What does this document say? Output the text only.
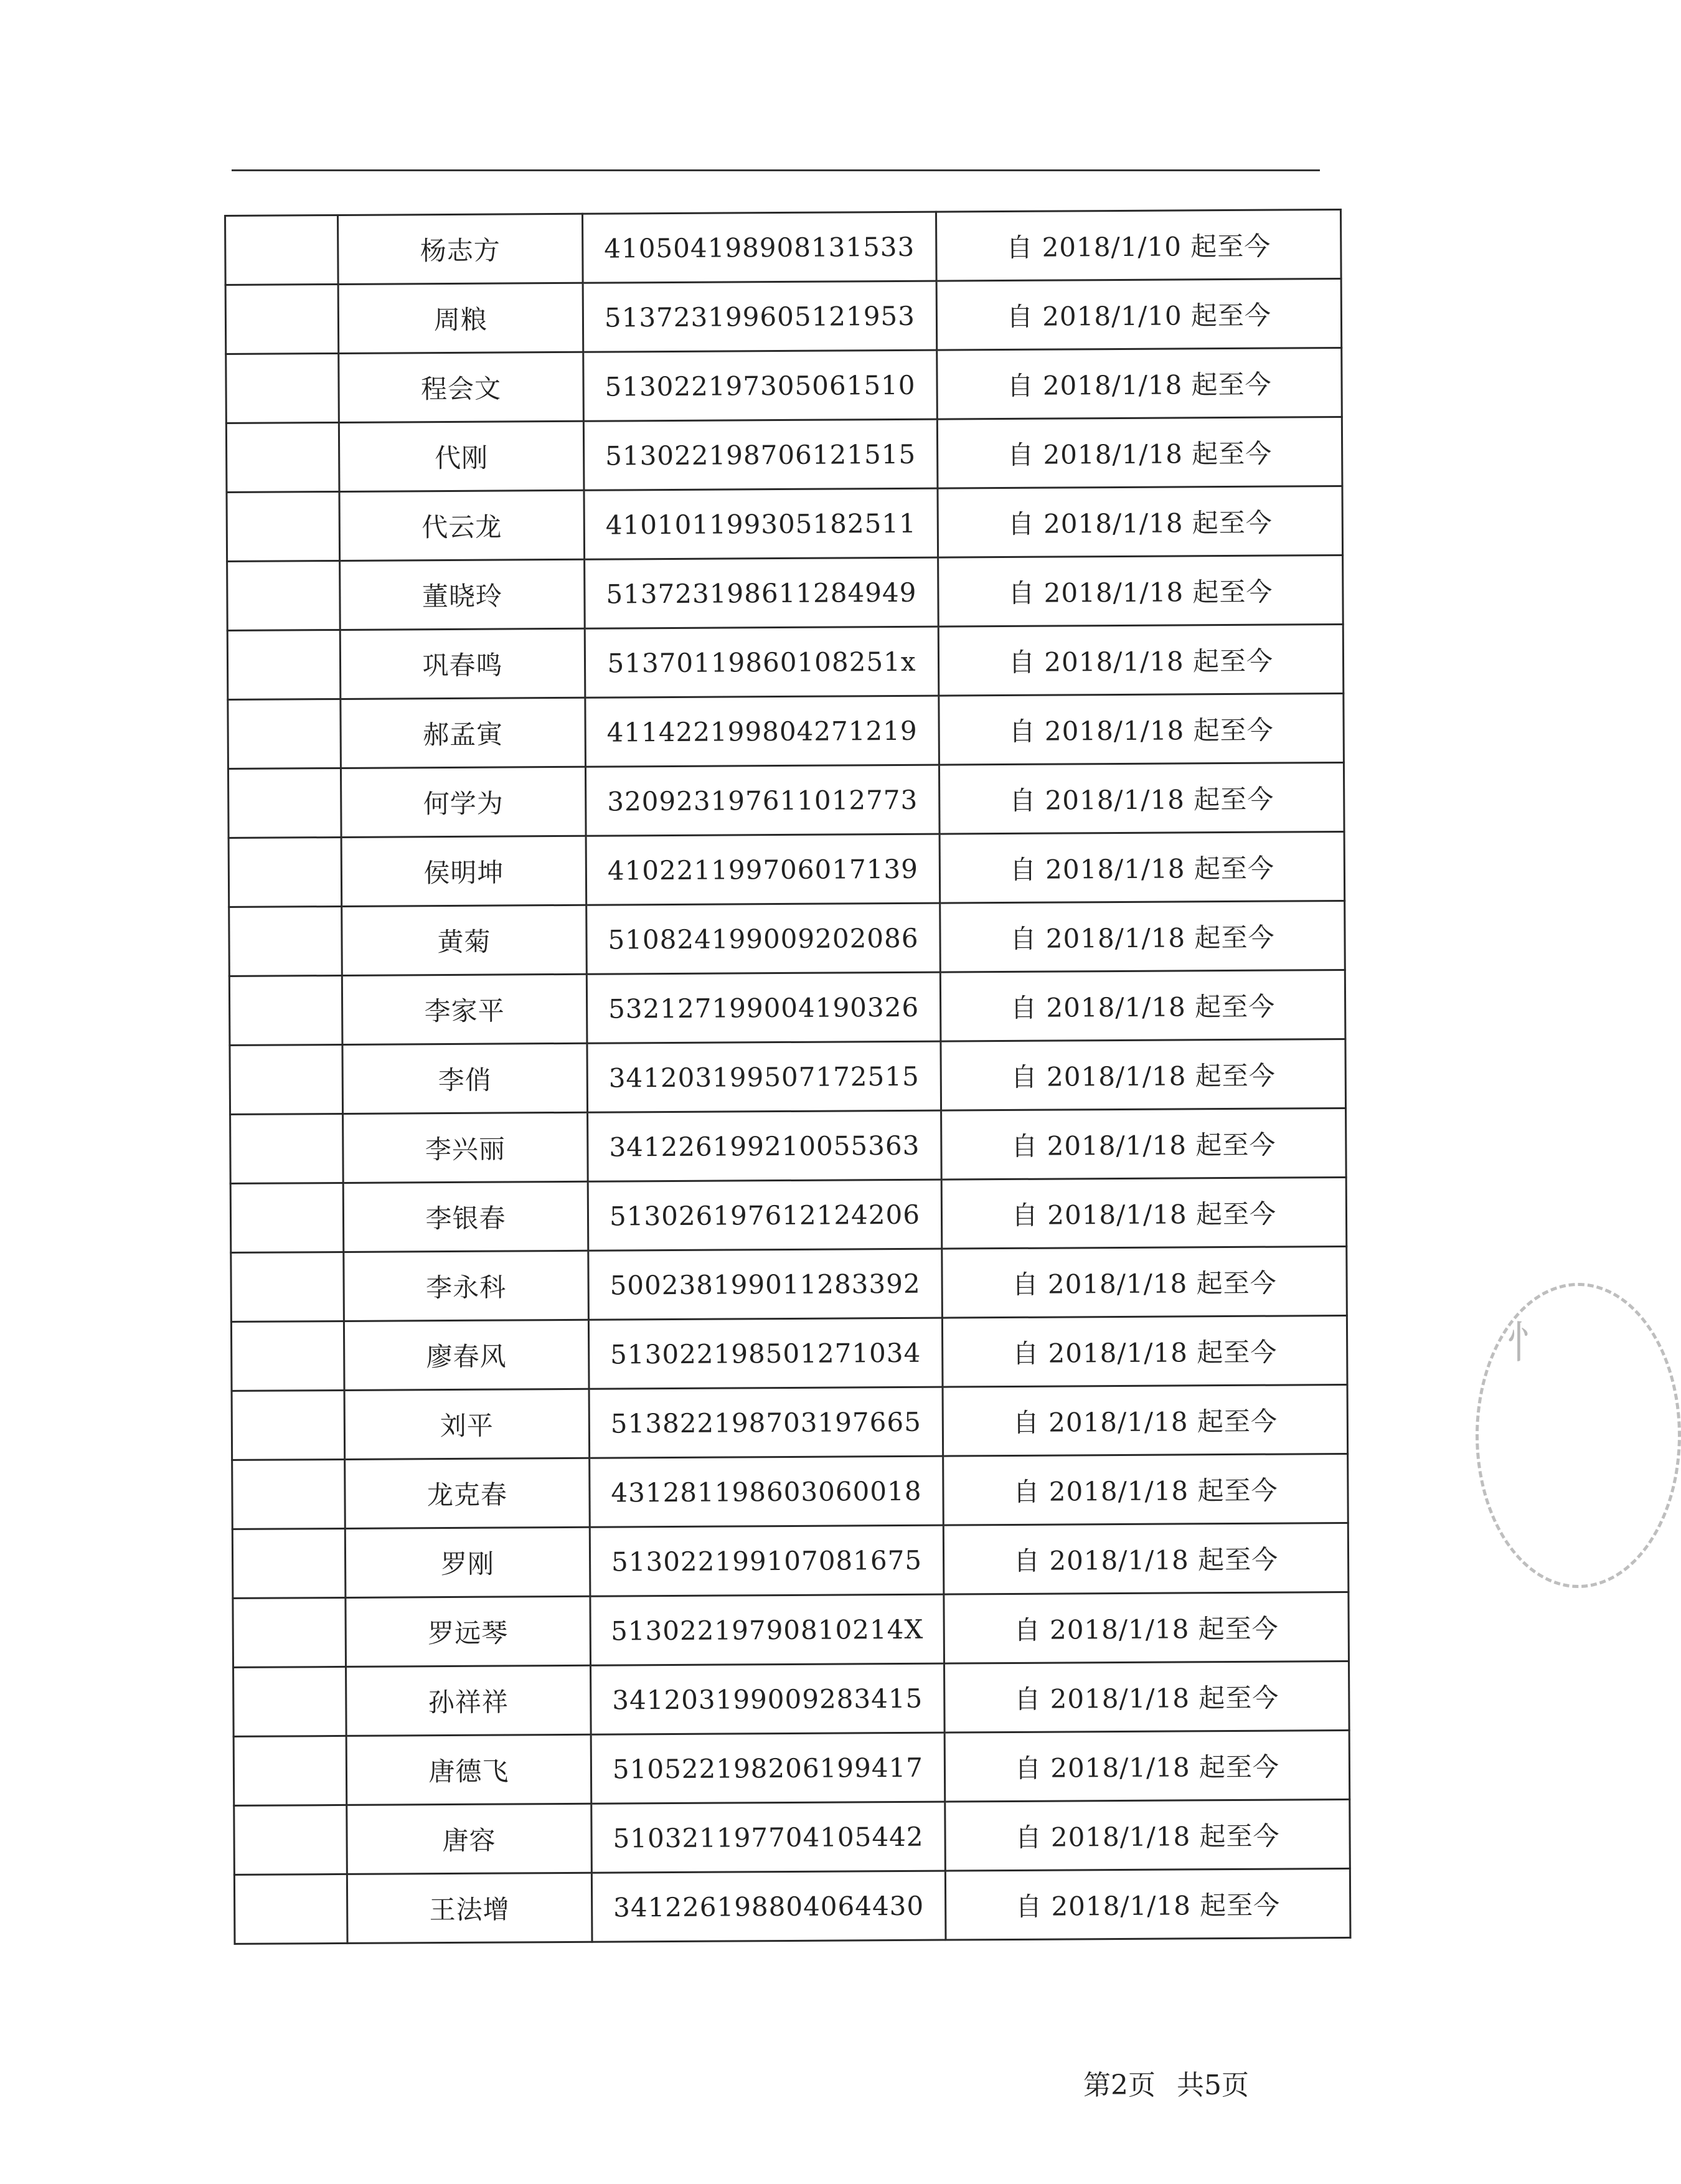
	杨志方	410504198908131533	自 2018/1/10 起至今
	周粮	513723199605121953	自 2018/1/10 起至今
	程会文	513022197305061510	自 2018/1/18 起至今
	代刚	513022198706121515	自 2018/1/18 起至今
	代云龙	410101199305182511	自 2018/1/18 起至今
	董晓玲	513723198611284949	自 2018/1/18 起至今
	巩春鸣	51370119860108251x	自 2018/1/18 起至今
	郝孟寅	411422199804271219	自 2018/1/18 起至今
	何学为	320923197611012773	自 2018/1/18 起至今
	侯明坤	410221199706017139	自 2018/1/18 起至今
	黄菊	510824199009202086	自 2018/1/18 起至今
	李家平	532127199004190326	自 2018/1/18 起至今
	李俏	341203199507172515	自 2018/1/18 起至今
	李兴丽	341226199210055363	自 2018/1/18 起至今
	李银春	513026197612124206	自 2018/1/18 起至今
	李永科	500238199011283392	自 2018/1/18 起至今
	廖春风	513022198501271034	自 2018/1/18 起至今
	刘平	513822198703197665	自 2018/1/18 起至今
	龙克春	431281198603060018	自 2018/1/18 起至今
	罗刚	513022199107081675	自 2018/1/18 起至今
	罗远琴	51302219790810214X	自 2018/1/18 起至今
	孙祥祥	341203199009283415	自 2018/1/18 起至今
	唐德飞	510522198206199417	自 2018/1/18 起至今
	唐容	510321197704105442	自 2018/1/18 起至今
	王法增	341226198804064430	自 2018/1/18 起至今
⺖
第2页 共5页
